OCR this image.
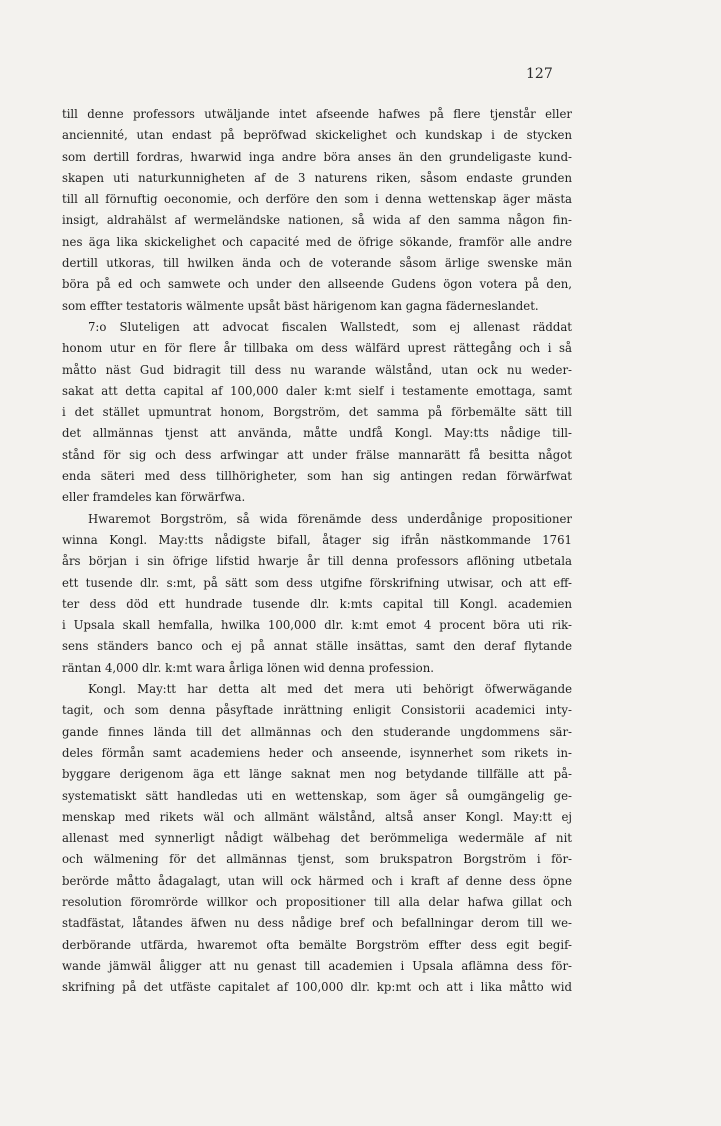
127
till denne professors utwäljande intet afseende hafwes på flere tjenstår eller
anciennité, utan endast på bepröfwad skickelighet och kundskap i de stycken
som dertill fordras, hwarwid inga andre böra anses än den grundeligaste kund-
skapen uti naturkunnigheten af de 3 naturens riken, såsom endaste grunden
till all förnuftig oeconomie, och derföre den som i denna wettenskap äger mästa
insigt, aldrahälst af wermeländske nationen, så wida af den samma någon fin-
nes äga lika skickelighet och capacité med de öfrige sökande, framför alle andre
dertill utkoras, till hwilken ända och de voterande såsom ärlige swenske män
böra på ed och samwete och under den allseende Gudens ögon votera på den,
som effter testatoris wälmente upsåt bäst härigenom kan gagna fäderneslandet.
7:o Sluteligen att advocat fiscalen Wallstedt, som ej allenast räddat
honom utur en för flere år tillbaka om dess wälfärd uprest rättegång och i så
måtto näst Gud bidragit till dess nu warande wälstånd, utan ock nu weder-
sakat att detta capital af 100,000 daler k:mt sielf i testamente emottaga, samt
i det stället upmuntrat honom, Borgström, det samma på förbemälte sätt till
det allmännas tjenst att använda, måtte undfå Kongl. May:tts nådige till-
stånd för sig och dess arfwingar att under frälse mannarätt få besitta något
enda säteri med dess tillhörigheter, som han sig antingen redan förwärfwat
eller framdeles kan förwärfwa.
Hwaremot Borgström, så wida förenämde dess underdånige propositioner
winna Kongl. May:tts nådigste bifall, åtager sig ifrån nästkommande 1761
års början i sin öfrige lifstid hwarje år till denna professors aflöning utbetala
ett tusende dlr. s:mt, på sätt som dess utgifne förskrifning utwisar, och att eff-
ter dess död ett hundrade tusende dlr. k:mts capital till Kongl. academien
i Upsala skall hemfalla, hwilka 100,000 dlr. k:mt emot 4 procent böra uti rik-
sens ständers banco och ej på annat ställe insättas, samt den deraf flytande
räntan 4,000 dlr. k:mt wara årliga lönen wid denna profession.
Kongl. May:tt har detta alt med det mera uti behörigt öfwerwägande
tagit, och som denna påsyftade inrättning enligit Consistorii academici inty-
gande finnes lända till det allmännas och den studerande ungdommens sär-
deles förmån samt academiens heder och anseende, isynnerhet som rikets in-
byggare derigenom äga ett länge saknat men nog betydande tillfälle att på-
systematiskt sätt handledas uti en wettenskap, som äger så oumgängelig ge-
menskap med rikets wäl och allmänt wälstånd, altså anser Kongl. May:tt ej
allenast med synnerligt nådigt wälbehag det berömmeliga wedermäle af nit
och wälmening för det allmännas tjenst, som brukspatron Borgström i för-
berörde måtto ådagalagt, utan will ock härmed och i kraft af denne dess öpne
resolution föromrörde willkor och propositioner till alla delar hafwa gillat och
stadfästat, låtandes äfwen nu dess nådige bref och befallningar derom till we-
derbörande utfärda, hwaremot ofta bemälte Borgström effter dess egit begif-
wande jämwäl åligger att nu genast till academien i Upsala aflämna dess för-
skrifning på det utfäste capitalet af 100,000 dlr. kp:mt och att i lika måtto wid
